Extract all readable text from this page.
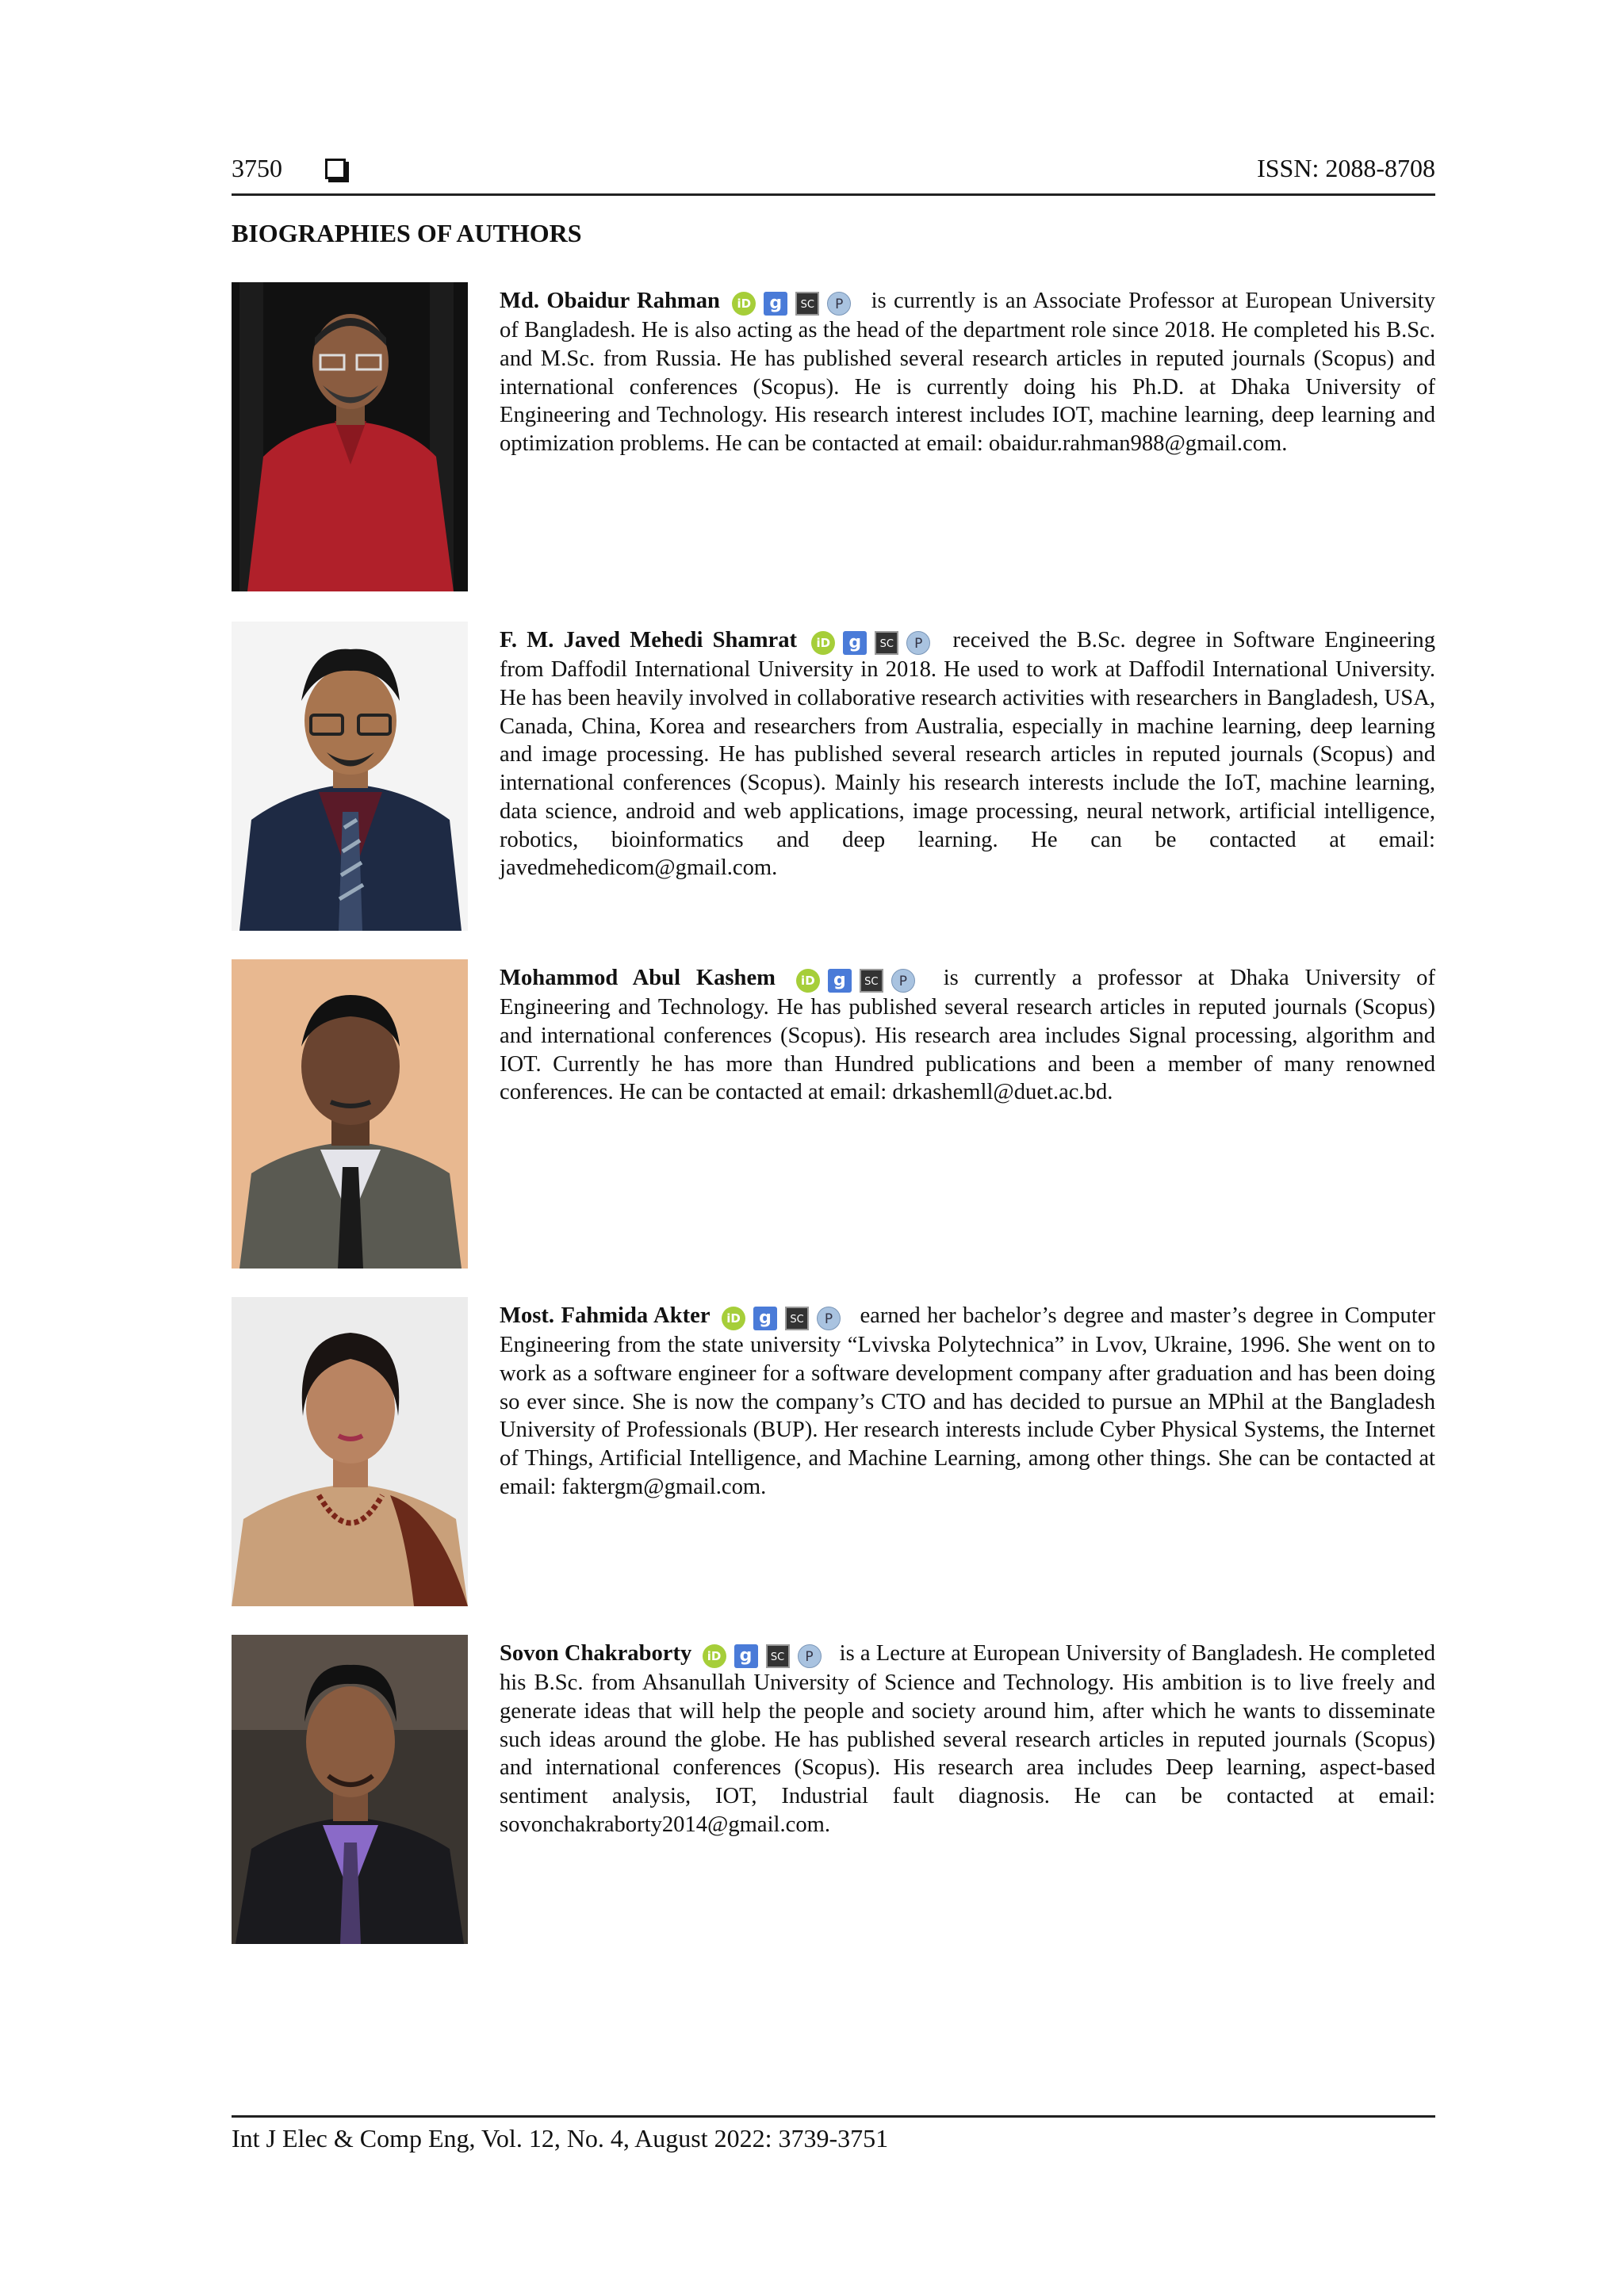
3750	ISSN: 2088-8708
BIOGRAPHIES OF AUTHORS

Md. Obaidur Rahman iD g SC P is currently is an Associate Professor at European University of Bangladesh. He is also acting as the head of the department role since 2018. He completed his B.Sc. and M.Sc. from Russia. He has published several research articles in reputed journals (Scopus) and international conferences (Scopus). He is currently doing his Ph.D. at Dhaka University of Engineering and Technology. His research interest includes IOT, machine learning, deep learning and optimization problems. He can be contacted at email: obaidur.rahman988@gmail.com.

F. M. Javed Mehedi Shamrat iD g SC P received the B.Sc. degree in Software Engineering from Daffodil International University in 2018. He used to work at Daffodil International University. He has been heavily involved in collaborative research activities with researchers in Bangladesh, USA, Canada, China, Korea and researchers from Australia, especially in machine learning, deep learning and image processing. He has published several research articles in reputed journals (Scopus) and international conferences (Scopus). Mainly his research interests include the IoT, machine learning, data science, android and web applications, image processing, neural network, artificial intelligence, robotics, bioinformatics and deep learning. He can be contacted at email: javedmehedicom@gmail.com.

Mohammod Abul Kashem iD g SC P is currently a professor at Dhaka University of Engineering and Technology. He has published several research articles in reputed journals (Scopus) and international conferences (Scopus). His research area includes Signal processing, algorithm and IOT. Currently he has more than Hundred publications and been a member of many renowned conferences. He can be contacted at email: drkashemll@duet.ac.bd.

Most. Fahmida Akter iD g SC P earned her bachelor’s degree and master’s degree in Computer Engineering from the state university “Lvivska Polytechnica” in Lvov, Ukraine, 1996. She went on to work as a software engineer for a software development company after graduation and has been doing so ever since. She is now the company’s CTO and has decided to pursue an MPhil at the Bangladesh University of Professionals (BUP). Her research interests include Cyber Physical Systems, the Internet of Things, Artificial Intelligence, and Machine Learning, among other things. She can be contacted at email: faktergm@gmail.com.

Sovon Chakraborty iD g SC P is a Lecture at European University of Bangladesh. He completed his B.Sc. from Ahsanullah University of Science and Technology. His ambition is to live freely and generate ideas that will help the people and society around him, after which he wants to disseminate such ideas around the globe. He has published several research articles in reputed journals (Scopus) and international conferences (Scopus). His research area includes Deep learning, aspect-based sentiment analysis, IOT, Industrial fault diagnosis. He can be contacted at email: sovonchakraborty2014@gmail.com.

Int J Elec & Comp Eng, Vol. 12, No. 4, August 2022: 3739-3751
